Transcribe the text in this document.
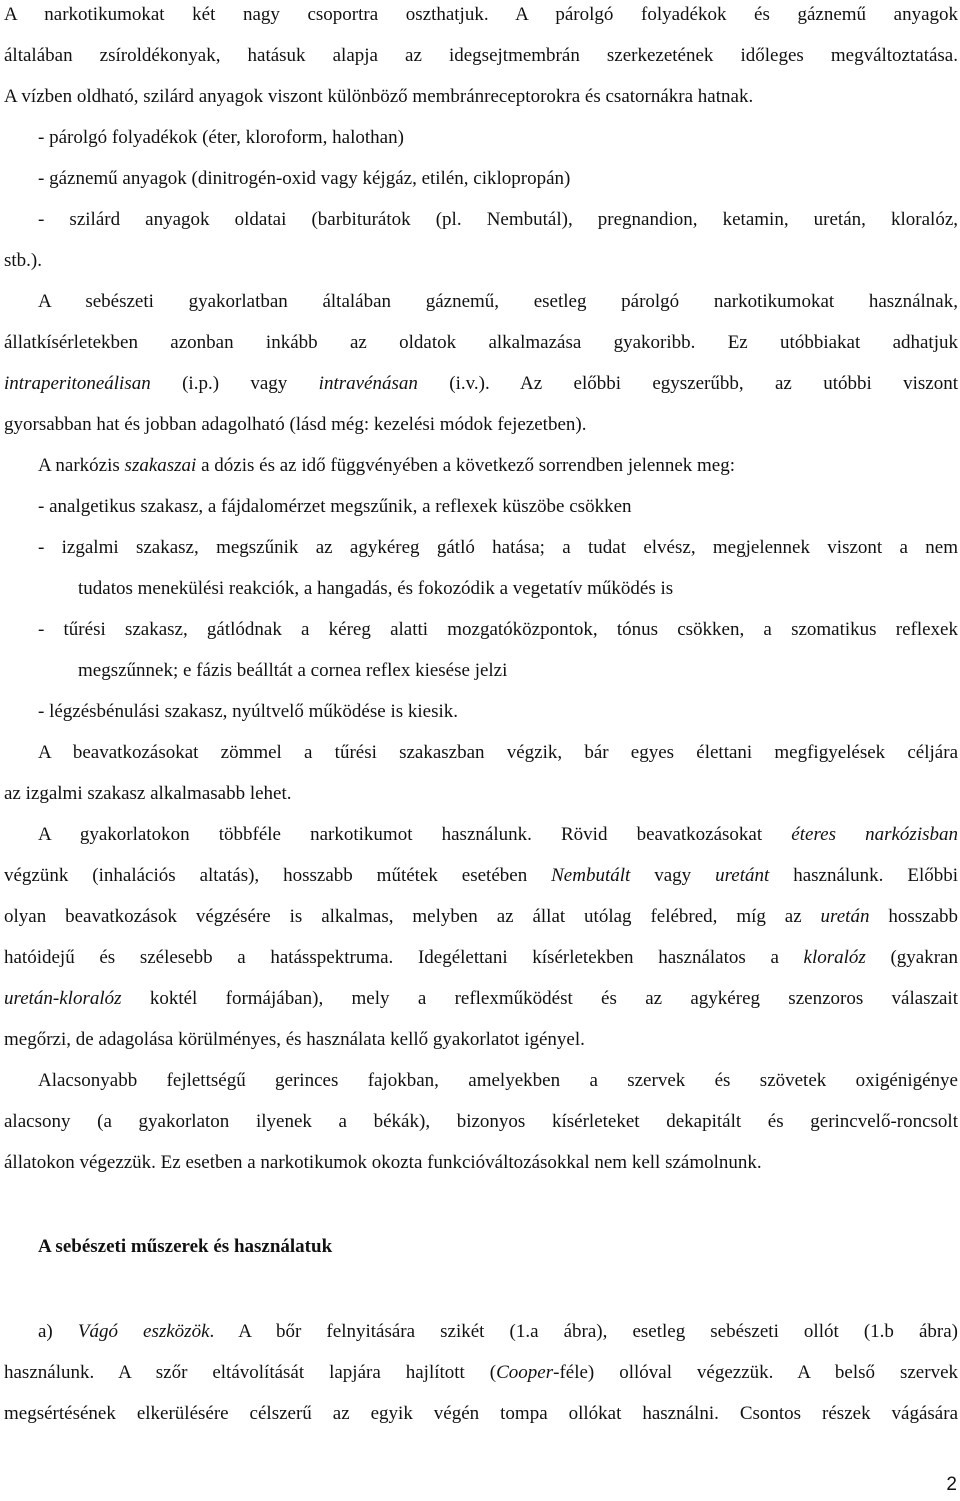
A narkotikumokat két nagy csoportra oszthatjuk. A párolgó folyadékok és gáznemű anyagok
általában zsíroldékonyak, hatásuk alapja az idegsejtmembrán szerkezetének időleges megváltoztatása.
A vízben oldható, szilárd anyagok viszont különböző membránreceptorokra és csatornákra hatnak.
- párolgó folyadékok (éter, kloroform, halothan)
- gáznemű anyagok (dinitrogén-oxid vagy kéjgáz, etilén, ciklopropán)
- szilárd anyagok oldatai (barbiturátok (pl. Nembutál), pregnandion, ketamin, uretán, kloralóz,
stb.).
A sebészeti gyakorlatban általában gáznemű, esetleg párolgó narkotikumokat használnak,
állatkísérletekben azonban inkább az oldatok alkalmazása gyakoribb. Ez utóbbiakat adhatjuk
intraperitoneálisan (i.p.) vagy intravénásan (i.v.). Az előbbi egyszerűbb, az utóbbi viszont
gyorsabban hat és jobban adagolható (lásd még: kezelési módok fejezetben).
A narkózis szakaszai a dózis és az idő függvényében a következő sorrendben jelennek meg:
- analgetikus szakasz, a fájdalomérzet megszűnik, a reflexek küszöbe csökken
- izgalmi szakasz, megszűnik az agykéreg gátló hatása; a tudat elvész, megjelennek viszont a nem
tudatos menekülési reakciók, a hangadás, és fokozódik a vegetatív működés is
- tűrési szakasz, gátlódnak a kéreg alatti mozgatóközpontok, tónus csökken, a szomatikus reflexek
megszűnnek; e fázis beálltát a cornea reflex kiesése jelzi
- légzésbénulási szakasz, nyúltvelő működése is kiesik.
A beavatkozásokat zömmel a tűrési szakaszban végzik, bár egyes élettani megfigyelések céljára
az izgalmi szakasz alkalmasabb lehet.
A gyakorlatokon többféle narkotikumot használunk. Rövid beavatkozásokat éteres narkózisban
végzünk (inhalációs altatás), hosszabb műtétek esetében Nembutált vagy uretánt használunk. Előbbi
olyan beavatkozások végzésére is alkalmas, melyben az állat utólag felébred, míg az uretán hosszabb
hatóidejű és szélesebb a hatásspektruma. Idegélettani kísérletekben használatos a kloralóz (gyakran
uretán-kloralóz koktél formájában), mely a reflexműködést és az agykéreg szenzoros válaszait
megőrzi, de adagolása körülményes, és használata kellő gyakorlatot igényel.
Alacsonyabb fejlettségű gerinces fajokban, amelyekben a szervek és szövetek oxigénigénye
alacsony (a gyakorlaton ilyenek a békák), bizonyos kísérleteket dekapitált és gerincvelő-roncsolt
állatokon végezzük. Ez esetben a narkotikumok okozta funkcióváltozásokkal nem kell számolnunk.
A sebészeti műszerek és használatuk
a) Vágó eszközök. A bőr felnyitására szikét (1.a ábra), esetleg sebészeti ollót (1.b ábra)
használunk. A szőr eltávolítását lapjára hajlított (Cooper-féle) ollóval végezzük. A belső szervek
megsértésének elkerülésére célszerű az egyik végén tompa ollókat használni. Csontos részek vágására
2
